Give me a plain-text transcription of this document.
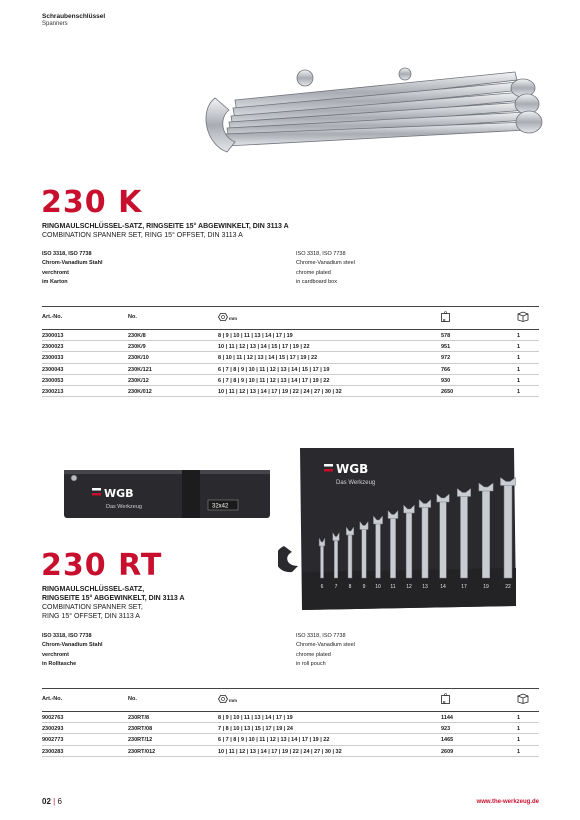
Schraubenschlüssel
Spanners
230 K
RINGMAULSCHLÜSSEL-SATZ, RINGSEITE 15° ABGEWINKELT, DIN 3113 A
COMBINATION SPANNER SET, RING 15° OFFSET, DIN 3113 A
ISO 3318, ISO 7738
Chrom-Vanadium Stahl
verchromt
im Karton
ISO 3318, ISO 7738
Chrome-Vanadium steel
chrome plated
in cardboard box
Art.-No.	No.	mm	g
2300013	230K/8	8 | 9 | 10 | 11 | 13 | 14 | 17 | 19	578	1
2300023	230K/9	10 | 11 | 12 | 13 | 14 | 15 | 17 | 19 | 22	951	1
2300033	230K/10	8 | 10 | 11 | 12 | 13 | 14 | 15 | 17 | 19 | 22	972	1
2300043	230K/121	6 | 7 | 8 | 9 | 10 | 11 | 12 | 13 | 14 | 15 | 17 | 19	766	1
2300053	230K/12	6 | 7 | 8 | 9 | 10 | 11 | 12 | 13 | 14 | 17 | 19 | 22	930	1
2300213	230K/012	10 | 11 | 12 | 13 | 14 | 17 | 19 | 22 | 24 | 27 | 30 | 32	2650	1
WGB
Das Werkzeug	32x42
WGB
Das Werkzeug
6 7 8 9 10 11 12 13 14	17	19	22
230 RT
RINGMAULSCHLÜSSEL-SATZ,
RINGSEITE 15° ABGEWINKELT, DIN 3113 A
COMBINATION SPANNER SET,
RING 15° OFFSET, DIN 3113 A
ISO 3318, ISO 7738
Chrom-Vanadium Stahl
verchromt
in Rolltasche
ISO 3318, ISO 7738
Chrome-Vanadium steel
chrome plated
in roll pouch
Art.-No.	No.	mm	g
9002763	230RT/8	8 | 9 | 10 | 11 | 13 | 14 | 17 | 19	1144	1
2300293	230RT/08	7 | 8 | 10 | 13 | 15 | 17 | 19 | 24	923	1
9002773	230RT/12	6 | 7 | 8 | 9 | 10 | 11 | 12 | 13 | 14 | 17 | 19 | 22	1465	1
2300283	230RT/012	10 | 11 | 12 | 13 | 14 | 17 | 19 | 22 | 24 | 27 | 30 | 32	2609	1
02 | 6	www.the-werkzeug.de
